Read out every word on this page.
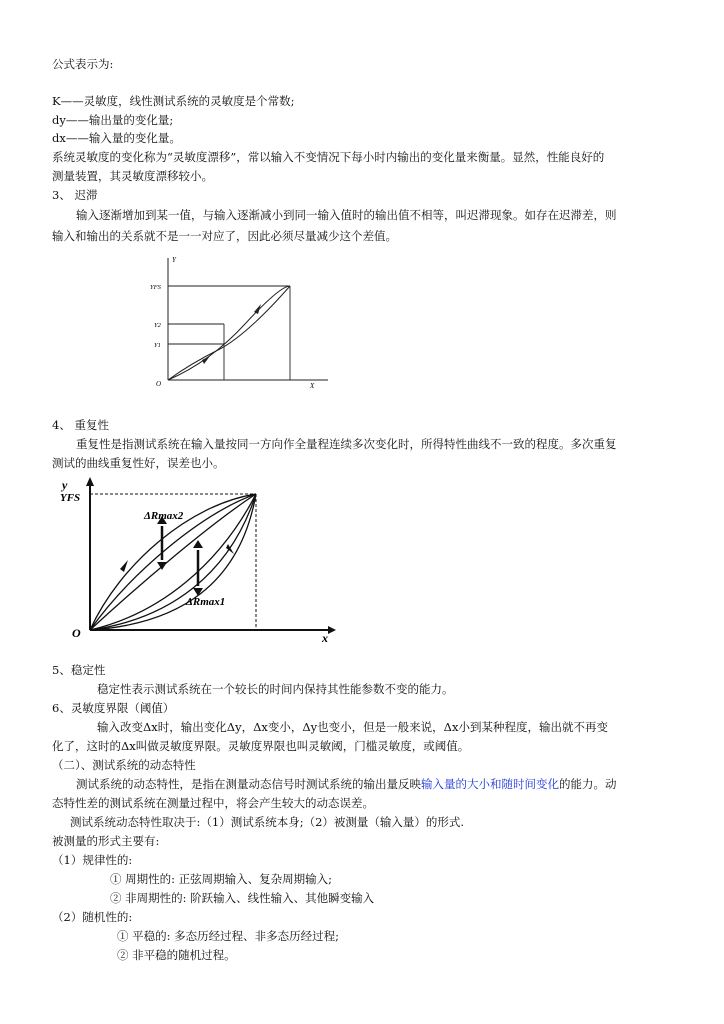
公式表示为:
K——灵敏度，线性测试系统的灵敏度是个常数;
dy——输出量的变化量;
dx——输入量的变化量。
系统灵敏度的变化称为“灵敏度漂移”，常以输入不变情况下每小时内输出的变化量来衡量。显然，性能良好的
测量装置，其灵敏度漂移较小。
3、 迟滞
输入逐渐增加到某一值，与输入逐渐减小到同一输入值时的输出值不相等，叫迟滞现象。如存在迟滞差，则
输入和输出的关系就不是一一对应了，因此必须尽量减少这个差值。
Y
YFS
Y2
Y1
O	X
4、 重复性
重复性是指测试系统在输入量按同一方向作全量程连续多次变化时，所得特性曲线不一致的程度。多次重复
测试的曲线重复性好，误差也小。
y
YFS
ΔRmax2
ΔRmax1
O	x
5、稳定性
稳定性表示测试系统在一个较长的时间内保持其性能参数不变的能力。
6、灵敏度界限（阈值）
输入改变Δx时，输出变化Δy，Δx变小，Δy也变小，但是一般来说，Δx小到某种程度，输出就不再变
化了，这时的Δx叫做灵敏度界限。灵敏度界限也叫灵敏阈，门槛灵敏度，或阈值。
（二）、测试系统的动态特性
测试系统的动态特性，是指在测量动态信号时测试系统的输出量反映输入量的大小和随时间变化的能力。动
态特性差的测试系统在测量过程中，将会产生较大的动态误差。
测试系统动态特性取决于:（1）测试系统本身;（2）被测量（输入量）的形式.
被测量的形式主要有:
（1）规律性的:
① 周期性的: 正弦周期输入、复杂周期输入;
② 非周期性的: 阶跃输入、线性输入、其他瞬变输入
（2）随机性的:
① 平稳的: 多态历经过程、非多态历经过程;
② 非平稳的随机过程。
